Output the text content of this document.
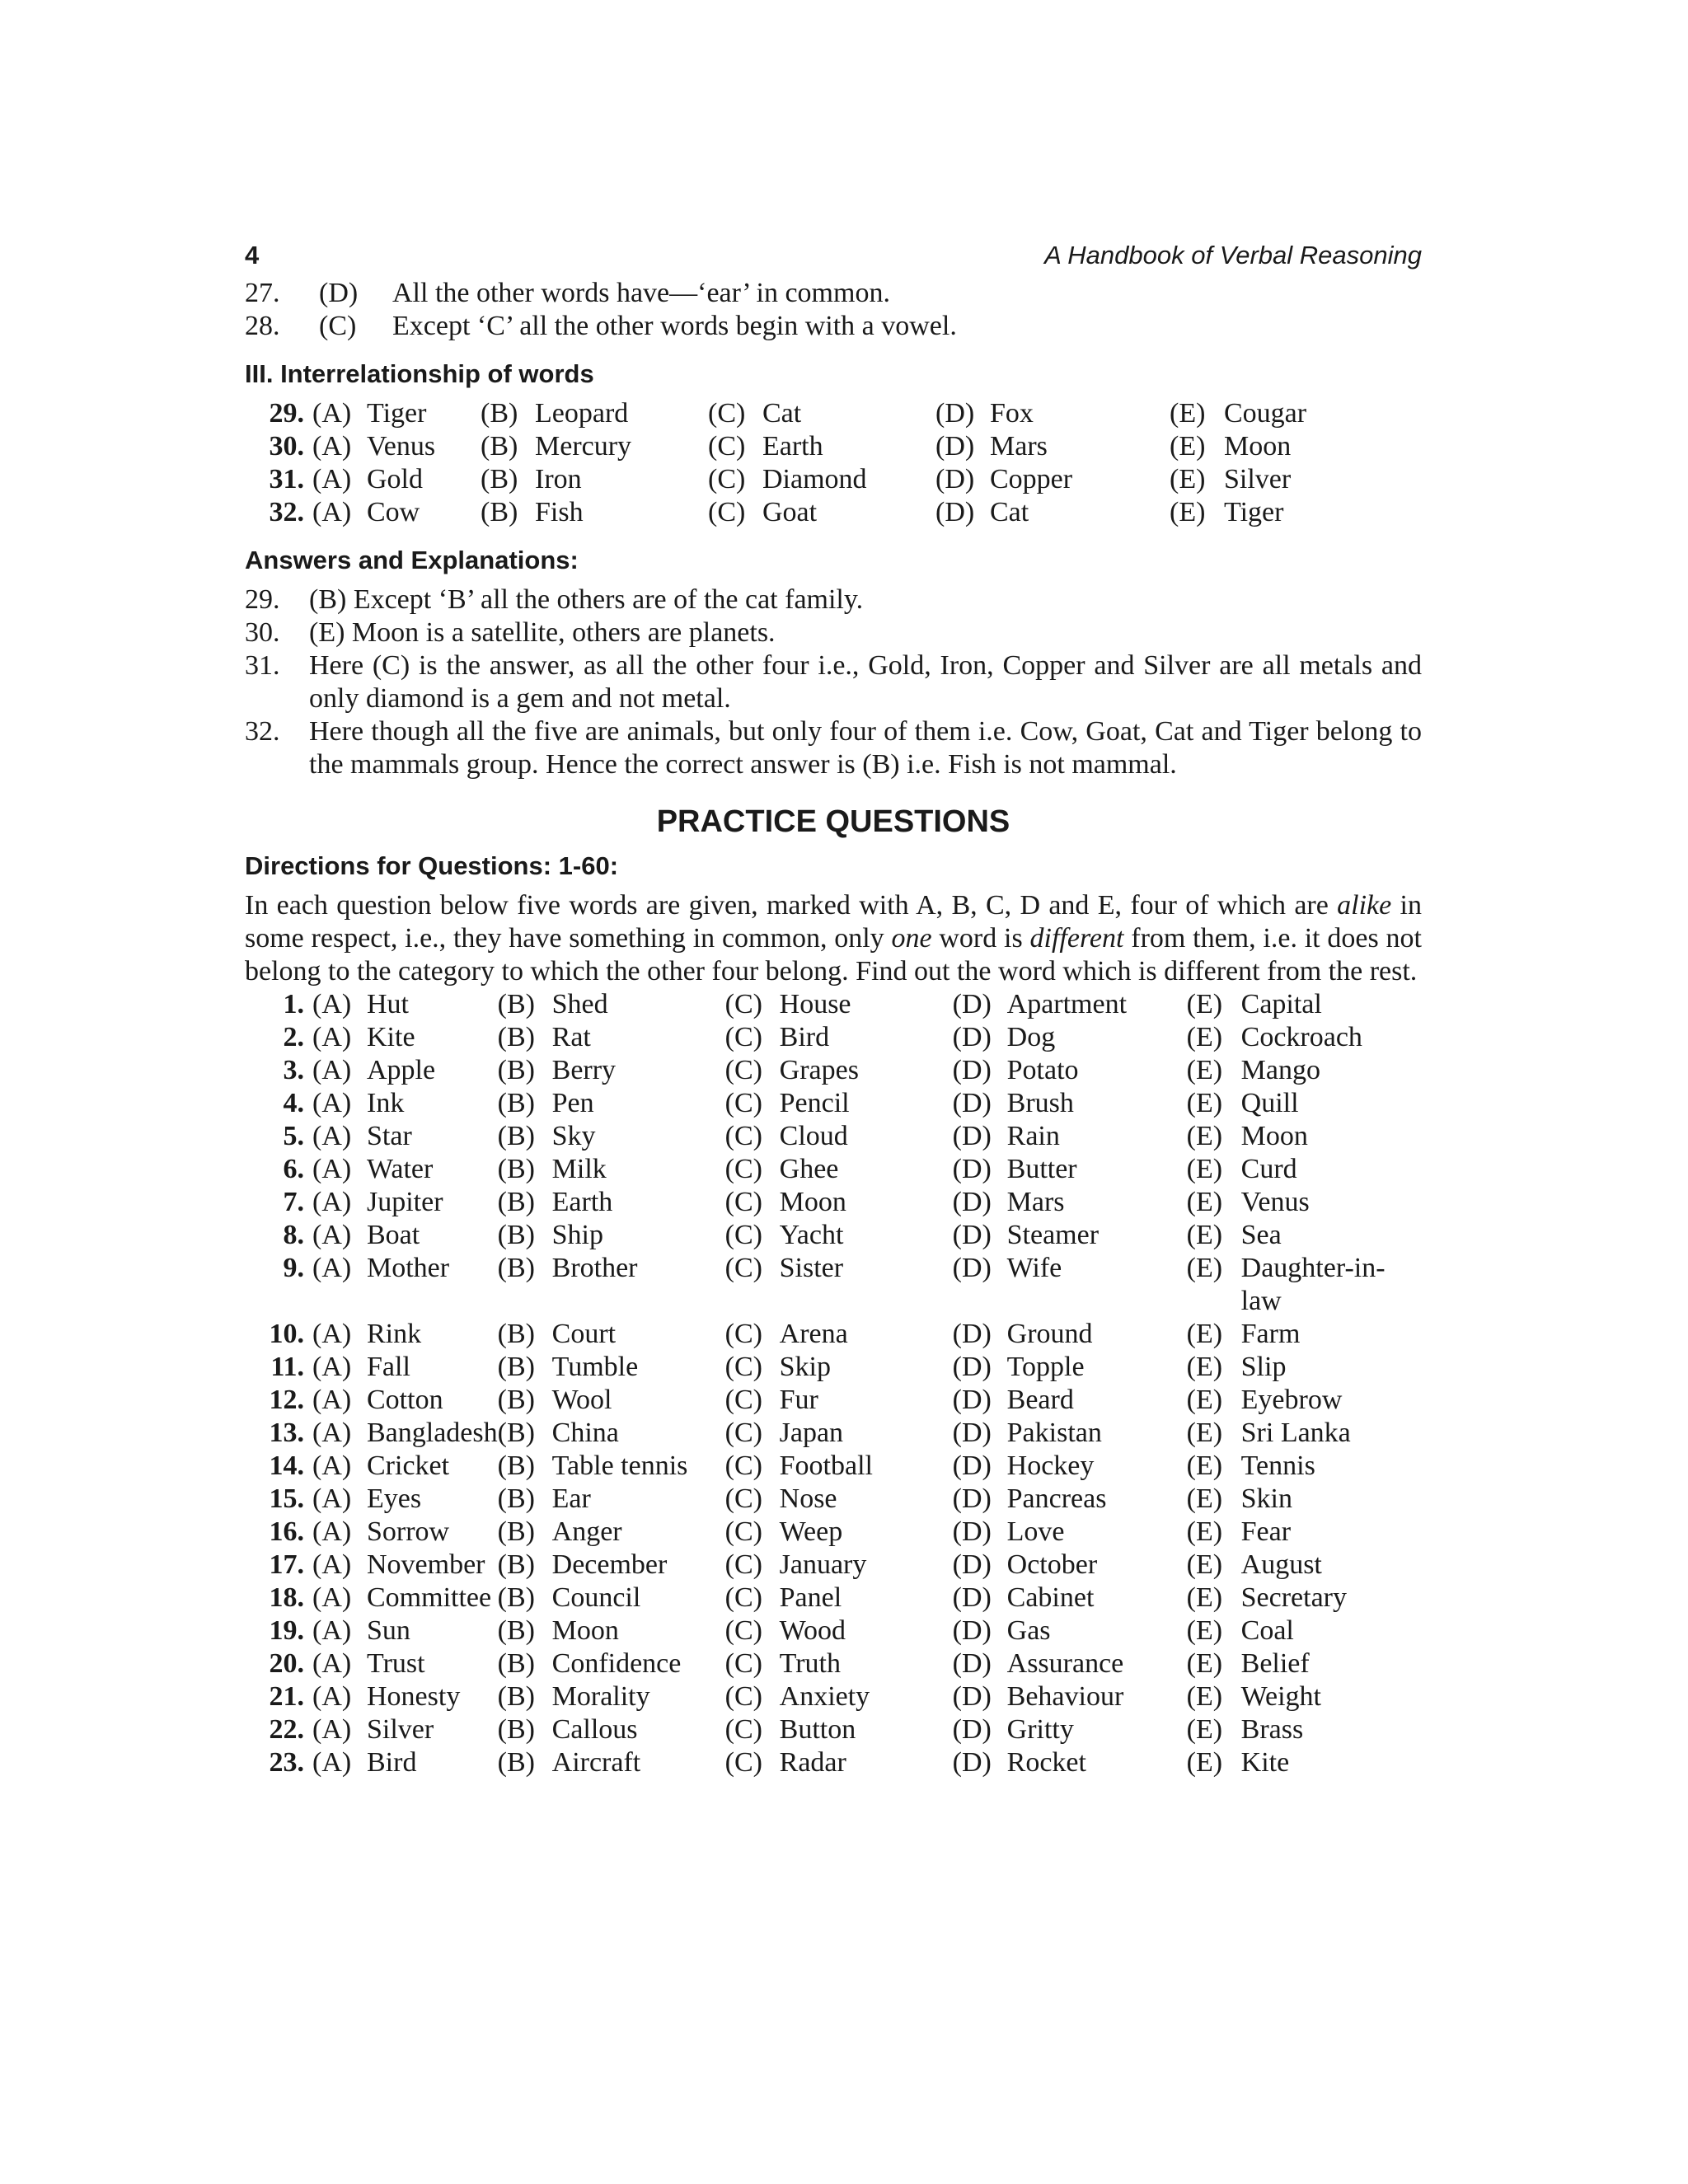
4	A Handbook of Verbal Reasoning
27.	(D)	All the other words have—‘ear’ in common.
28.	(C)	Except ‘C’ all the other words begin with a vowel.
III. Interrelationship of words
29.	(A) Tiger	(B) Leopard	(C) Cat	(D) Fox	(E) Cougar
30.	(A) Venus	(B) Mercury	(C) Earth	(D) Mars	(E) Moon
31.	(A) Gold	(B) Iron	(C) Diamond	(D) Copper	(E) Silver
32.	(A) Cow	(B) Fish	(C) Goat	(D) Cat	(E) Tiger
Answers and Explanations:
29.	(B) Except ‘B’ all the others are of the cat family.
30.	(E) Moon is a satellite, others are planets.
31.	Here (C) is the answer, as all the other four i.e., Gold, Iron, Copper and Silver are all metals and only diamond is a gem and not metal.
32.	Here though all the five are animals, but only four of them i.e. Cow, Goat, Cat and Tiger belong to the mammals group. Hence the correct answer is (B) i.e. Fish is not mammal.
PRACTICE QUESTIONS
Directions for Questions: 1-60:
In each question below five words are given, marked with A, B, C, D and E, four of which are alike in some respect, i.e., they have something in common, only one word is different from them, i.e. it does not belong to the category to which the other four belong. Find out the word which is different from the rest.
1.	(A) Hut	(B) Shed	(C) House	(D) Apartment	(E) Capital
2.	(A) Kite	(B) Rat	(C) Bird	(D) Dog	(E) Cockroach
3.	(A) Apple	(B) Berry	(C) Grapes	(D) Potato	(E) Mango
4.	(A) Ink	(B) Pen	(C) Pencil	(D) Brush	(E) Quill
5.	(A) Star	(B) Sky	(C) Cloud	(D) Rain	(E) Moon
6.	(A) Water	(B) Milk	(C) Ghee	(D) Butter	(E) Curd
7.	(A) Jupiter	(B) Earth	(C) Moon	(D) Mars	(E) Venus
8.	(A) Boat	(B) Ship	(C) Yacht	(D) Steamer	(E) Sea
9.	(A) Mother	(B) Brother	(C) Sister	(D) Wife	(E) Daughter-in-law
10.	(A) Rink	(B) Court	(C) Arena	(D) Ground	(E) Farm
11.	(A) Fall	(B) Tumble	(C) Skip	(D) Topple	(E) Slip
12.	(A) Cotton	(B) Wool	(C) Fur	(D) Beard	(E) Eyebrow
13.	(A) Bangladesh	(B) China	(C) Japan	(D) Pakistan	(E) Sri Lanka
14.	(A) Cricket	(B) Table tennis	(C) Football	(D) Hockey	(E) Tennis
15.	(A) Eyes	(B) Ear	(C) Nose	(D) Pancreas	(E) Skin
16.	(A) Sorrow	(B) Anger	(C) Weep	(D) Love	(E) Fear
17.	(A) November	(B) December	(C) January	(D) October	(E) August
18.	(A) Committee	(B) Council	(C) Panel	(D) Cabinet	(E) Secretary
19.	(A) Sun	(B) Moon	(C) Wood	(D) Gas	(E) Coal
20.	(A) Trust	(B) Confidence	(C) Truth	(D) Assurance	(E) Belief
21.	(A) Honesty	(B) Morality	(C) Anxiety	(D) Behaviour	(E) Weight
22.	(A) Silver	(B) Callous	(C) Button	(D) Gritty	(E) Brass
23.	(A) Bird	(B) Aircraft	(C) Radar	(D) Rocket	(E) Kite
